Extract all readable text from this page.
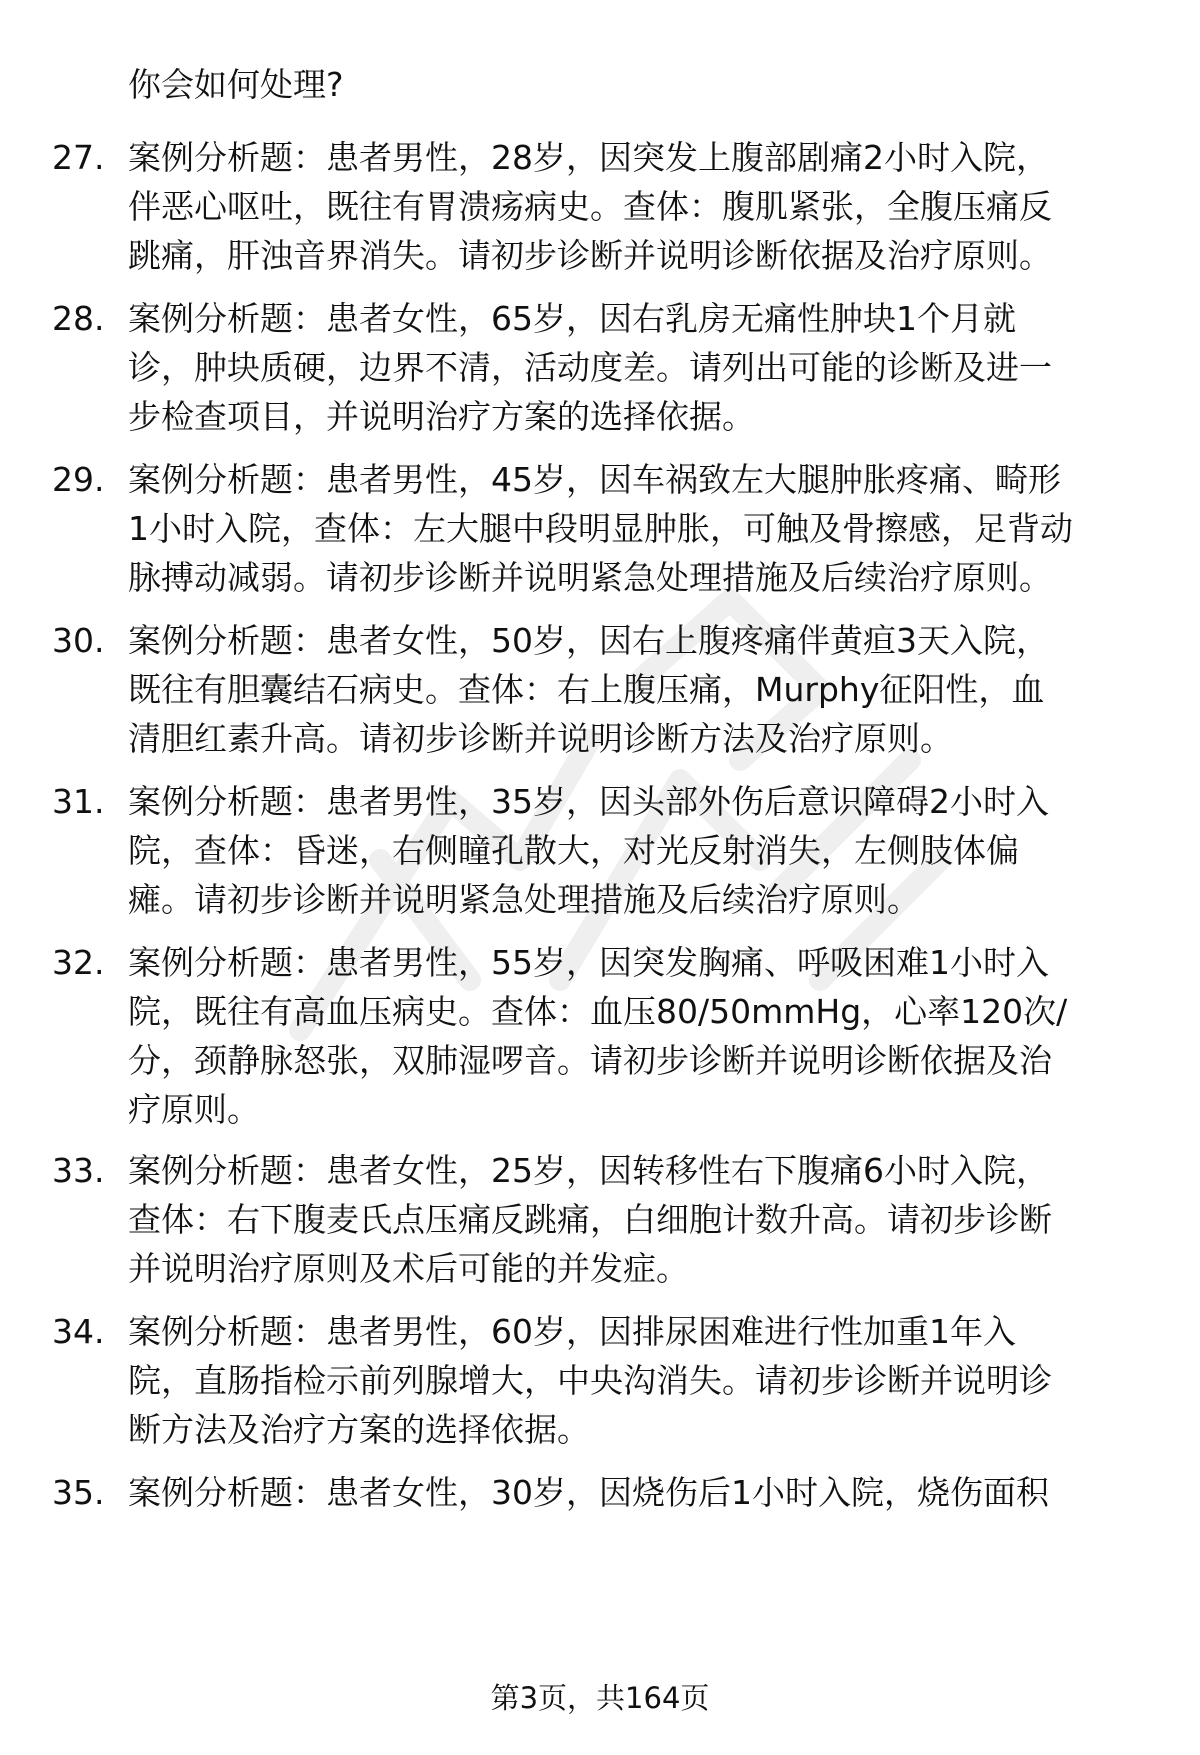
你会如何处理?
27. 案例分析题：患者男性，28岁，因突发上腹部剧痛2小时入院，
伴恶心呕吐，既往有胃溃疡病史。查体：腹肌紧张，全腹压痛反
跳痛，肝浊音界消失。请初步诊断并说明诊断依据及治疗原则。
28. 案例分析题：患者女性，65岁，因右乳房无痛性肿块1个月就
诊，肿块质硬，边界不清，活动度差。请列出可能的诊断及进一
步检查项目，并说明治疗方案的选择依据。
29. 案例分析题：患者男性，45岁，因车祸致左大腿肿胀疼痛、畸形
1小时入院，查体：左大腿中段明显肿胀，可触及骨擦感，足背动
脉搏动减弱。请初步诊断并说明紧急处理措施及后续治疗原则。
30. 案例分析题：患者女性，50岁，因右上腹疼痛伴黄疸3天入院，
既往有胆囊结石病史。查体：右上腹压痛，Murphy征阳性，血
清胆红素升高。请初步诊断并说明诊断方法及治疗原则。
31. 案例分析题：患者男性，35岁，因头部外伤后意识障碍2小时入
院，查体：昏迷，右侧瞳孔散大，对光反射消失，左侧肢体偏
瘫。请初步诊断并说明紧急处理措施及后续治疗原则。
32. 案例分析题：患者男性，55岁，因突发胸痛、呼吸困难1小时入
院，既往有高血压病史。查体：血压80/50mmHg，心率120次/
分，颈静脉怒张，双肺湿啰音。请初步诊断并说明诊断依据及治
疗原则。
33. 案例分析题：患者女性，25岁，因转移性右下腹痛6小时入院，
查体：右下腹麦氏点压痛反跳痛，白细胞计数升高。请初步诊断
并说明治疗原则及术后可能的并发症。
34. 案例分析题：患者男性，60岁，因排尿困难进行性加重1年入
院，直肠指检示前列腺增大，中央沟消失。请初步诊断并说明诊
断方法及治疗方案的选择依据。
35. 案例分析题：患者女性，30岁，因烧伤后1小时入院，烧伤面积
第3页，共164页
